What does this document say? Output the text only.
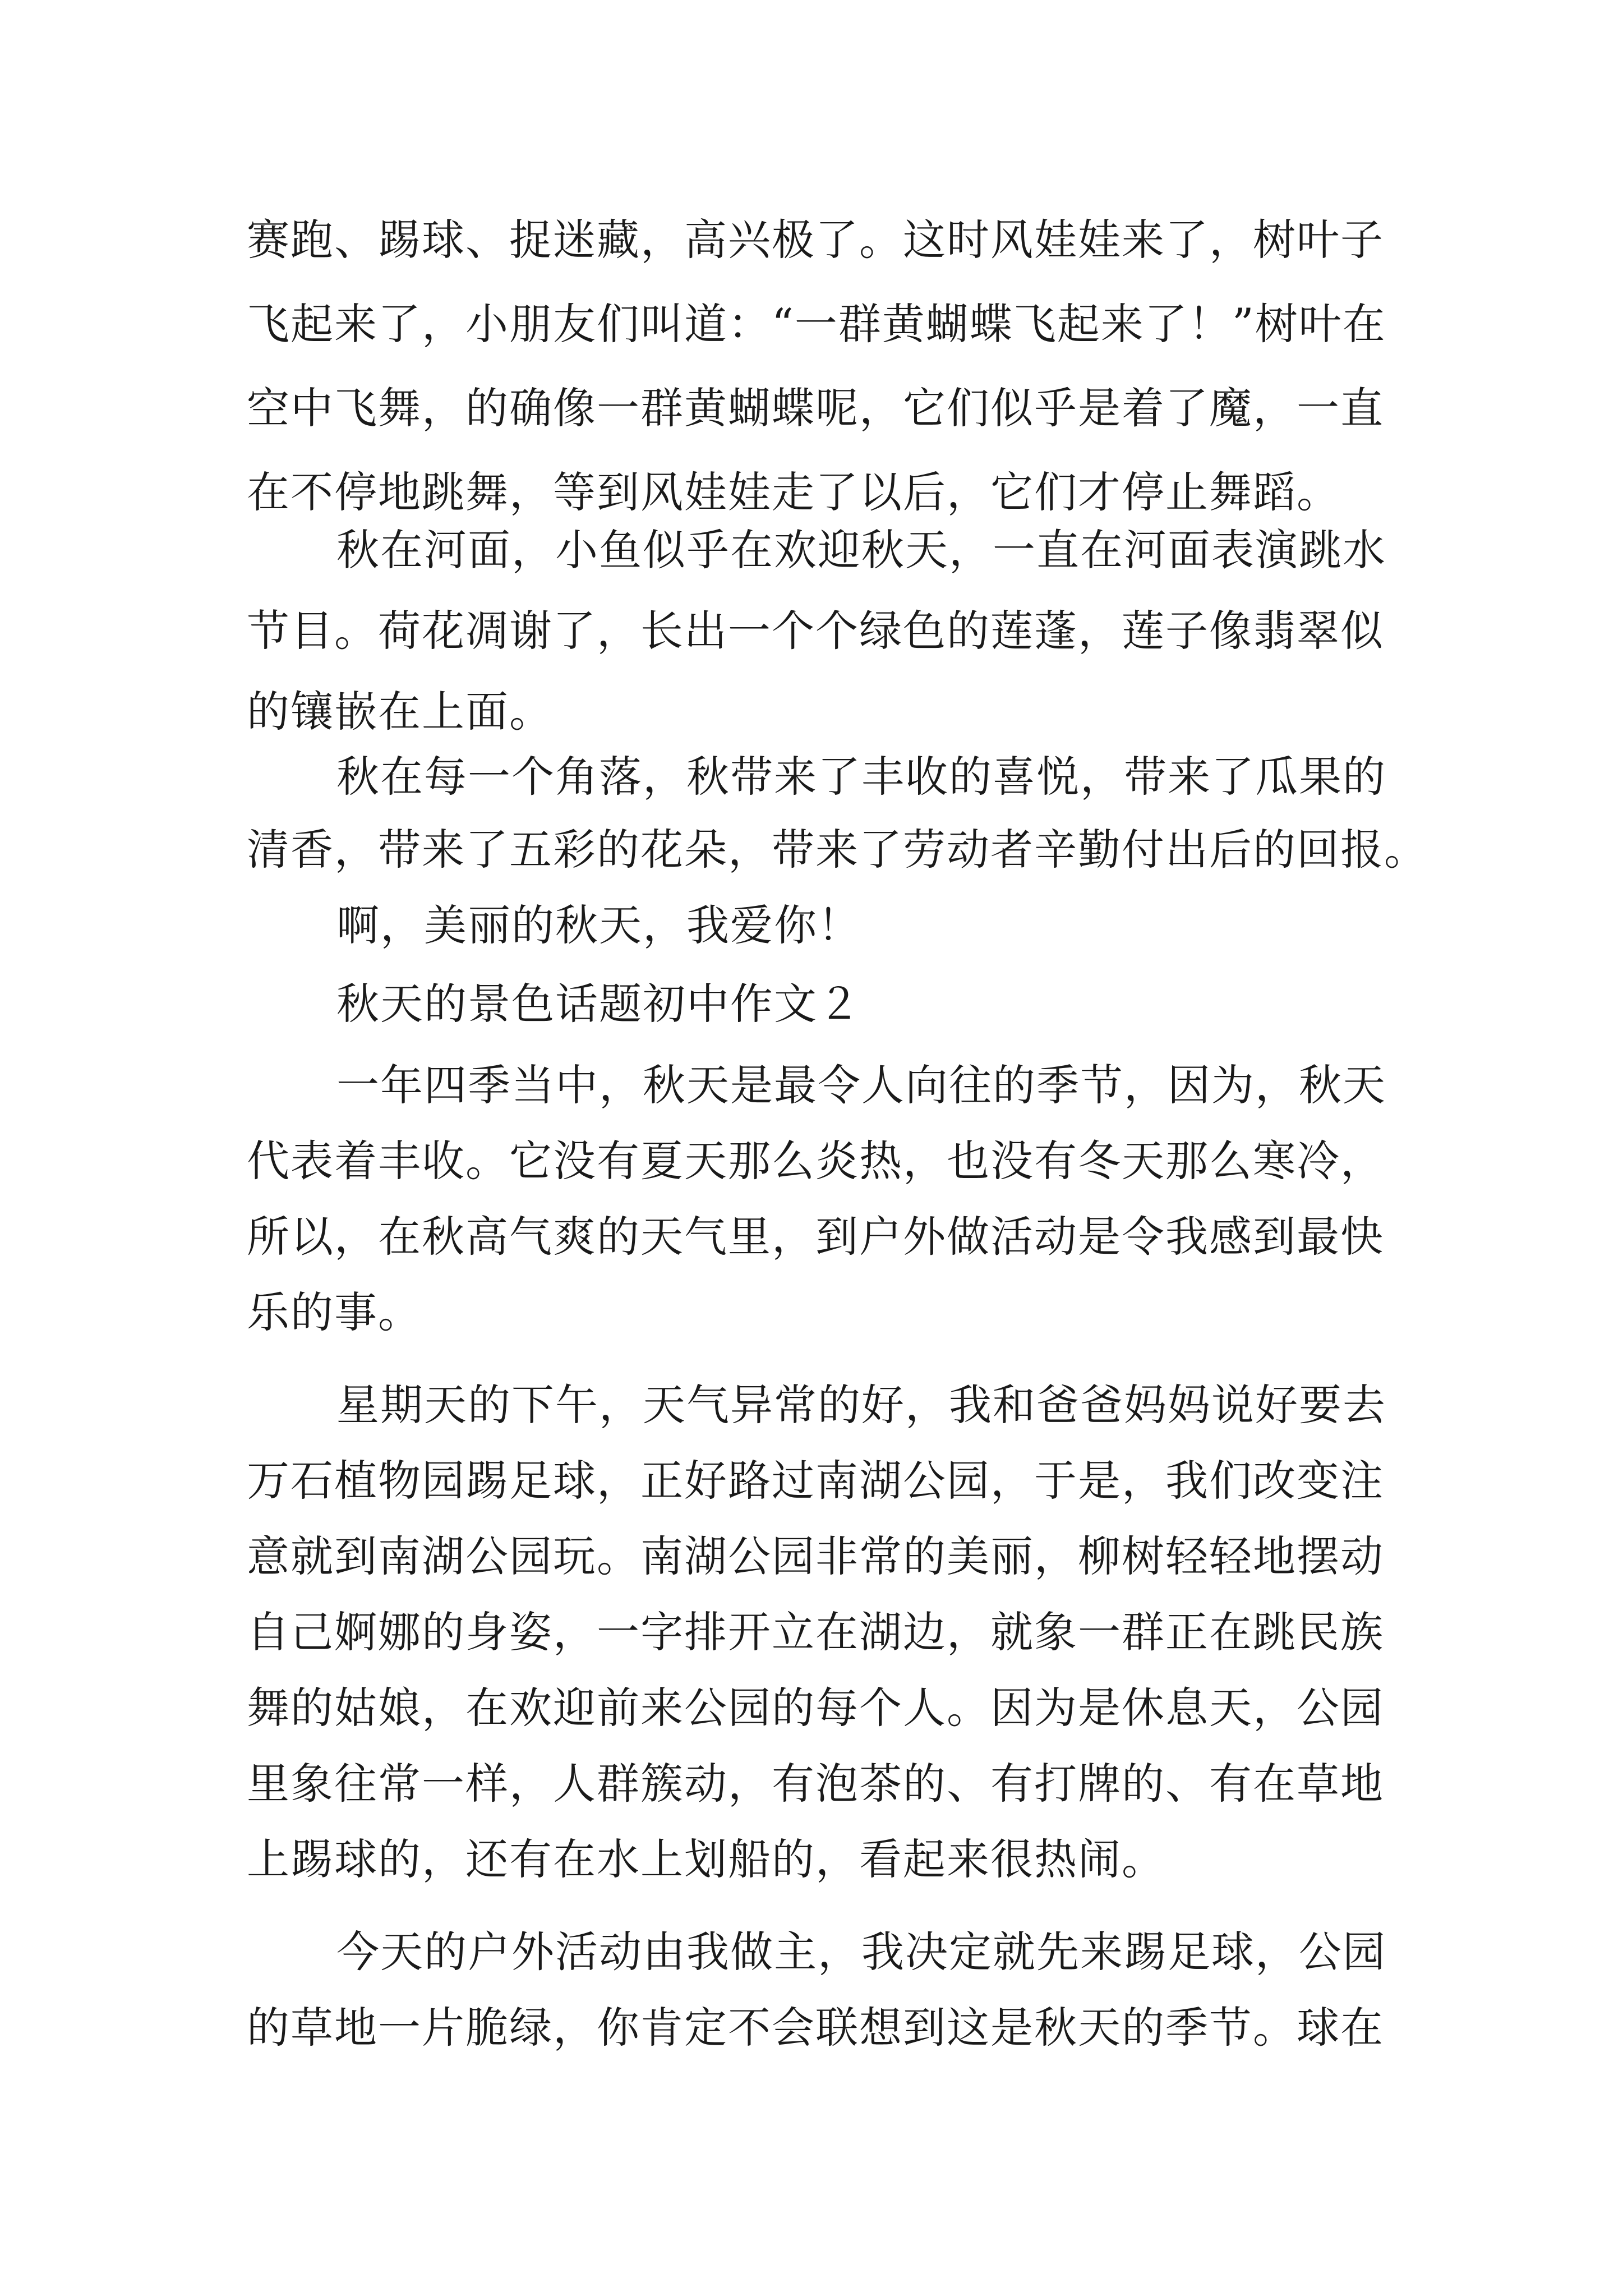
赛跑、踢球、捉迷藏，高兴极了。这时风娃娃来了，树叶子
飞起来了，小朋友们叫道：“一群黄蝴蝶飞起来了！”树叶在
空中飞舞，的确像一群黄蝴蝶呢，它们似乎是着了魔，一直
在不停地跳舞，等到风娃娃走了以后，它们才停止舞蹈。
秋在河面，小鱼似乎在欢迎秋天，一直在河面表演跳水
节目。荷花凋谢了，长出一个个绿色的莲蓬，莲子像翡翠似
的镶嵌在上面。
秋在每一个角落，秋带来了丰收的喜悦，带来了瓜果的
清香，带来了五彩的花朵，带来了劳动者辛勤付出后的回报。
啊，美丽的秋天，我爱你！
秋天的景色话题初中作文２
一年四季当中，秋天是最令人向往的季节，因为，秋天
代表着丰收。它没有夏天那么炎热，也没有冬天那么寒冷，
所以，在秋高气爽的天气里，到户外做活动是令我感到最快
乐的事。
星期天的下午，天气异常的好，我和爸爸妈妈说好要去
万石植物园踢足球，正好路过南湖公园，于是，我们改变注
意就到南湖公园玩。南湖公园非常的美丽，柳树轻轻地摆动
自己婀娜的身姿，一字排开立在湖边，就象一群正在跳民族
舞的姑娘，在欢迎前来公园的每个人。因为是休息天，公园
里象往常一样，人群簇动，有泡茶的、有打牌的、有在草地
上踢球的，还有在水上划船的，看起来很热闹。
今天的户外活动由我做主，我决定就先来踢足球，公园
的草地一片脆绿，你肯定不会联想到这是秋天的季节。球在
